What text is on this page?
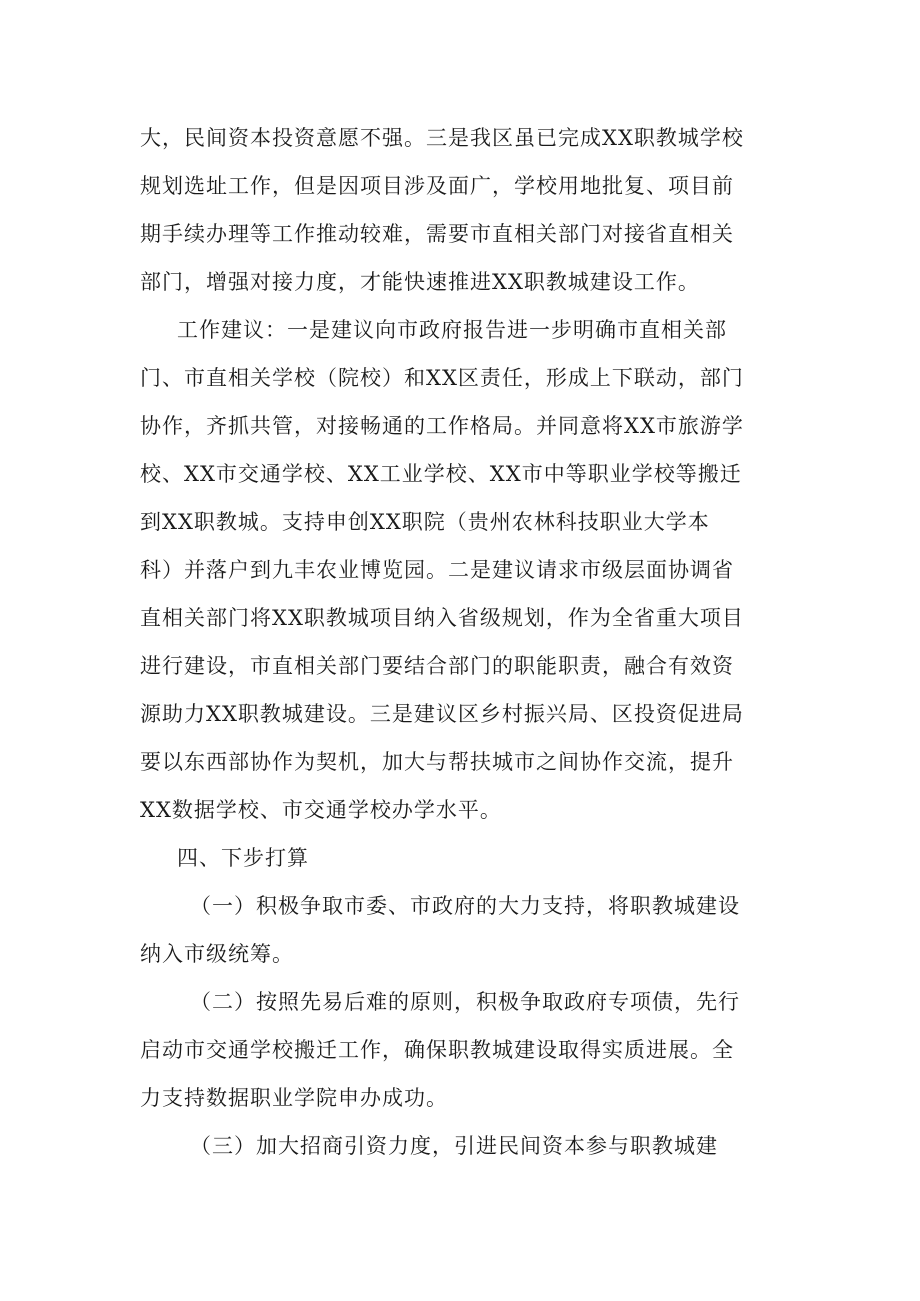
大，民间资本投资意愿不强。三是我区虽已完成XX职教城学校
规划选址工作，但是因项目涉及面广，学校用地批复、项目前
期手续办理等工作推动较难，需要市直相关部门对接省直相关
部门，增强对接力度，才能快速推进XX职教城建设工作。
工作建议：一是建议向市政府报告进一步明确市直相关部
门、市直相关学校（院校）和XX区责任，形成上下联动，部门
协作，齐抓共管，对接畅通的工作格局。并同意将XX市旅游学
校、XX市交通学校、XX工业学校、XX市中等职业学校等搬迁
到XX职教城。支持申创XX职院（贵州农林科技职业大学本
科）并落户到九丰农业博览园。二是建议请求市级层面协调省
直相关部门将XX职教城项目纳入省级规划，作为全省重大项目
进行建设，市直相关部门要结合部门的职能职责，融合有效资
源助力XX职教城建设。三是建议区乡村振兴局、区投资促进局
要以东西部协作为契机，加大与帮扶城市之间协作交流，提升
XX数据学校、市交通学校办学水平。
四、下步打算
（一）积极争取市委、市政府的大力支持，将职教城建设
纳入市级统筹。
（二）按照先易后难的原则，积极争取政府专项债，先行
启动市交通学校搬迁工作，确保职教城建设取得实质进展。全
力支持数据职业学院申办成功。
（三）加大招商引资力度，引进民间资本参与职教城建
